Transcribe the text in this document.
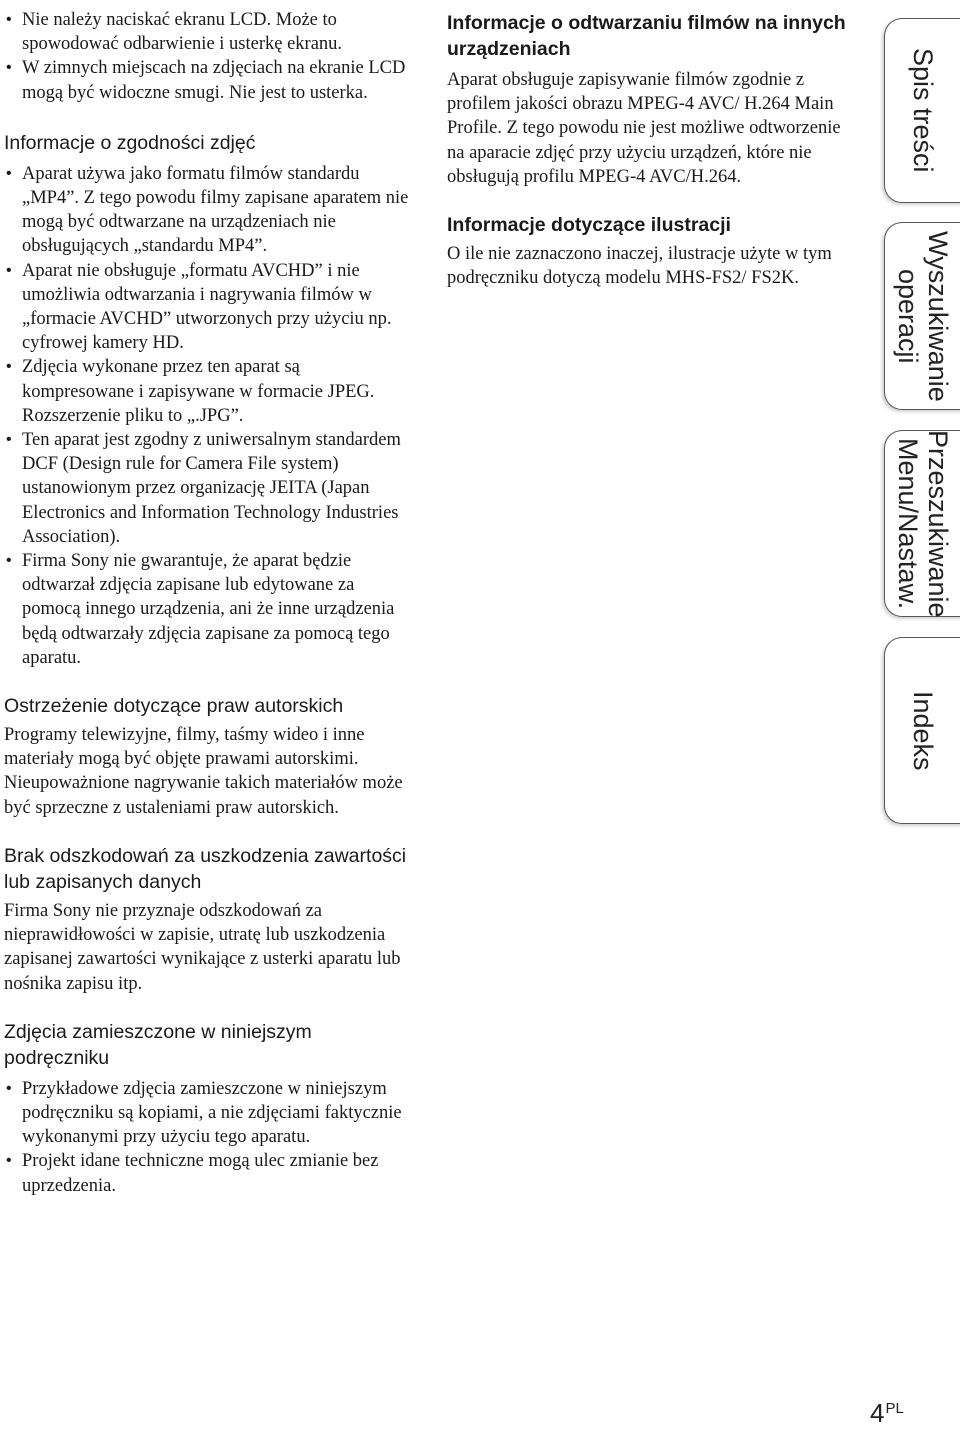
• Nie należy naciskać ekranu LCD. Może to spowodować odbarwienie i usterkę ekranu.
• W zimnych miejscach na zdjęciach na ekranie LCD mogą być widoczne smugi. Nie jest to usterka.
Informacje o zgodności zdjęć
• Aparat używa jako formatu filmów standardu „MP4”. Z tego powodu filmy zapisane aparatem nie mogą być odtwarzane na urządzeniach nie obsługujących „standardu MP4”.
• Aparat nie obsługuje „formatu AVCHD” i nie umożliwia odtwarzania i nagrywania filmów w „formacie AVCHD” utworzonych przy użyciu np. cyfrowej kamery HD.
• Zdjęcia wykonane przez ten aparat są kompresowane i zapisywane w formacie JPEG. Rozszerzenie pliku to „.JPG”.
• Ten aparat jest zgodny z uniwersalnym standardem DCF (Design rule for Camera File system) ustanowionym przez organizację JEITA (Japan Electronics and Information Technology Industries Association).
• Firma Sony nie gwarantuje, że aparat będzie odtwarzał zdjęcia zapisane lub edytowane za pomocą innego urządzenia, ani że inne urządzenia będą odtwarzały zdjęcia zapisane za pomocą tego aparatu.
Ostrzeżenie dotyczące praw autorskich

Programy telewizyjne, filmy, taśmy wideo i inne materiały mogą być objęte prawami autorskimi. Nieupoważnione nagrywanie takich materiałów może być sprzeczne z ustaleniami praw autorskich.

Brak odszkodowań za uszkodzenia zawartości lub zapisanych danych

Firma Sony nie przyznaje odszkodowań za nieprawidłowości w zapisie, utratę lub uszkodzenia zapisanej zawartości wynikające z usterki aparatu lub nośnika zapisu itp.

Zdjęcia zamieszczone w niniejszym podręczniku
• Przykładowe zdjęcia zamieszczone w niniejszym podręczniku są kopiami, a nie zdjęciami faktycznie wykonanymi przy użyciu tego aparatu.
• Projekt idane techniczne mogą ulec zmianie bez uprzedzenia.
Informacje o odtwarzaniu filmów na innych urządzeniach

Aparat obsługuje zapisywanie filmów zgodnie z profilem jakości obrazu MPEG-4 AVC/ H.264 Main Profile. Z tego powodu nie jest możliwe odtworzenie na aparacie zdjęć przy użyciu urządzeń, które nie obsługują profilu MPEG-4 AVC/H.264.

Informacje dotyczące ilustracji

O ile nie zaznaczono inaczej, ilustracje użyte w tym podręczniku dotyczą modelu MHS-FS2/ FS2K.

Spis treści
Wyszukiwanie
operacji
Przeszukiwanie
Menu/Nastaw.
Indeks
$4^{PL}$
